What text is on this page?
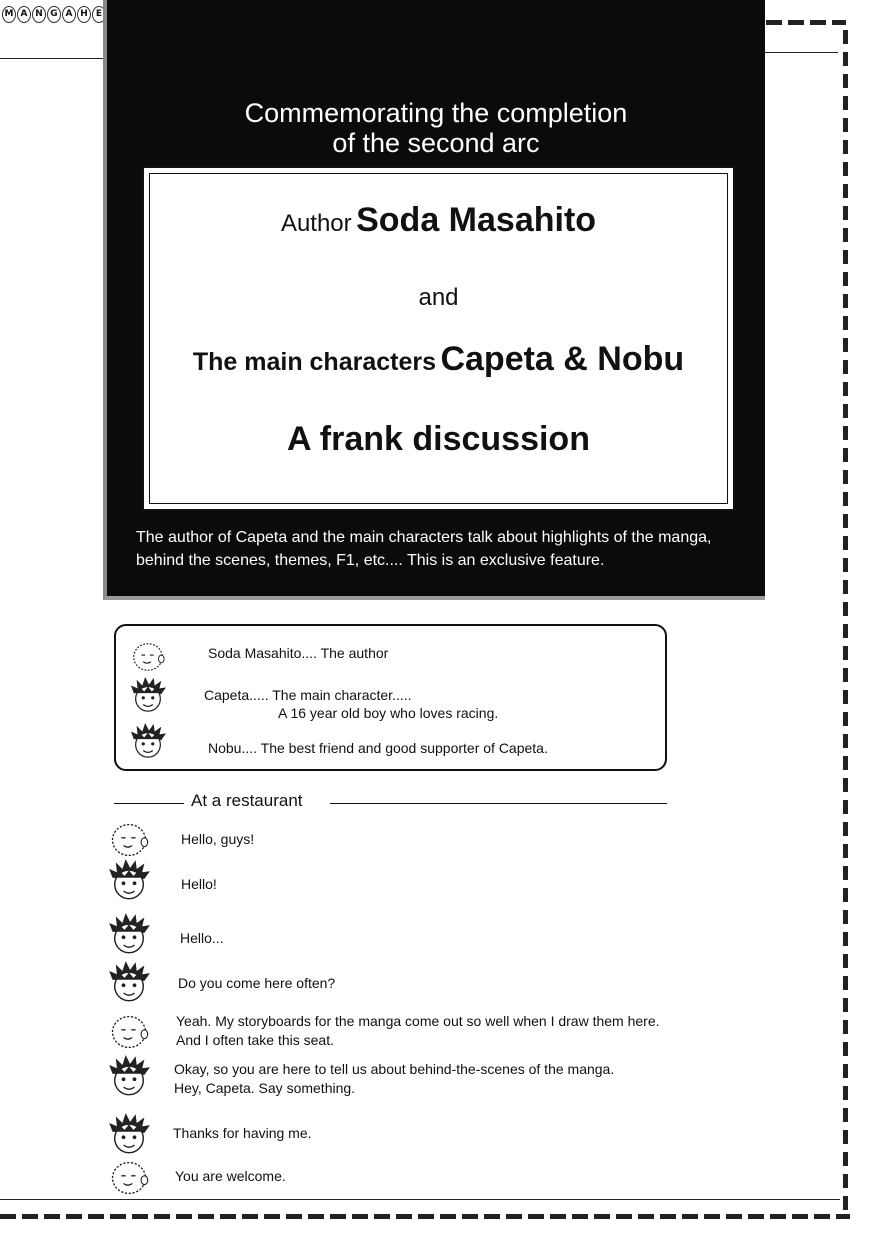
M A N G A H E
Commemorating the completion
of the second arc
Author Soda Masahito
and
The main characters Capeta & Nobu
A frank discussion
The author of Capeta and the main characters talk about highlights of the manga,
behind the scenes, themes, F1, etc.... This is an exclusive feature.
Soda Masahito.... The author
Capeta..... The main character.....
A 16 year old boy who loves racing.
Nobu.... The best friend and good supporter of Capeta.
At a restaurant
Hello, guys!
Hello!
Hello...
Do you come here often?
Yeah. My storyboards for the manga come out so well when I draw them here.
And I often take this seat.
Okay, so you are here to tell us about behind-the-scenes of the manga.
Hey, Capeta. Say something.
Thanks for having me.
You are welcome.
